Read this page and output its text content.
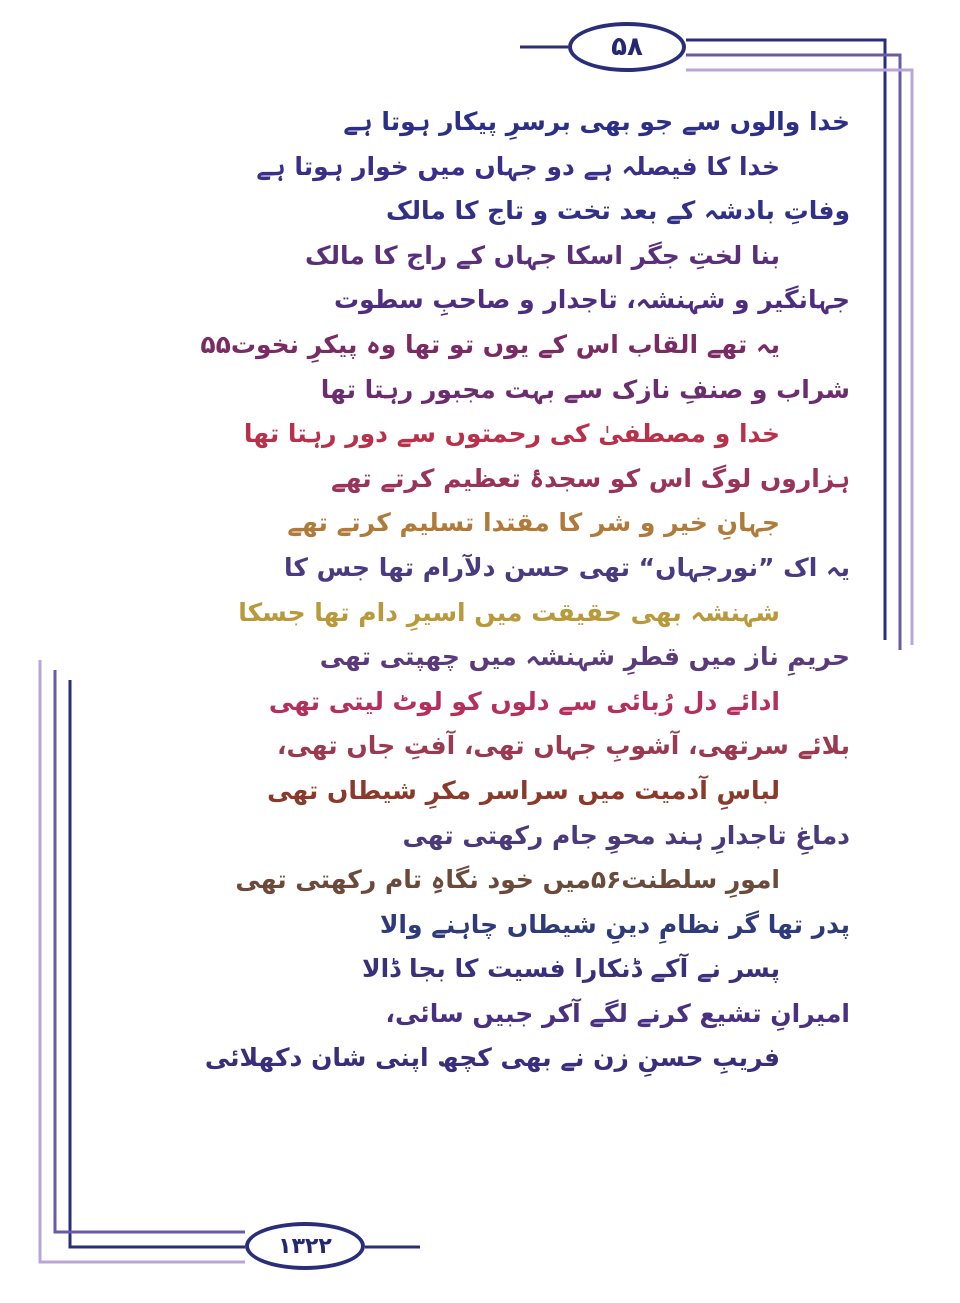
۵۸
خدا والوں سے جو بھی برسرِ پیکار ہوتا ہے
خدا کا فیصلہ ہے دو جہاں میں خوار ہوتا ہے
وفاتِ بادشہ کے بعد تخت و تاج کا مالک
بنا لختِ جگر اسکا جہاں کے راج کا مالک
جہانگیر و شہنشہ، تاجدار و صاحبِ سطوت
یہ تھے القاب اس کے یوں تو تھا وہ پیکرِ نخوت۵۵
شراب و صنفِ نازک سے بہت مجبور رہتا تھا
خدا و مصطفیٰ کی رحمتوں سے دور رہتا تھا
ہزاروں لوگ اس کو سجدۂ تعظیم کرتے تھے
جہانِ خیر و شر کا مقتدا تسلیم کرتے تھے
یہ اک ”نورجہاں“ تھی حسن دلآرام تھا جس کا
شہنشہ بھی حقیقت میں اسیرِ دام تھا جسکا
حریمِ ناز میں قطرِ شہنشہ میں چھپتی تھی
ادائے دل رُبائی سے دلوں کو لوٹ لیتی تھی
بلائے سرتھی، آشوبِ جہاں تھی، آفتِ جاں تھی،
لباسِ آدمیت میں سراسر مکرِ شیطاں تھی
دماغِ تاجدارِ ہند محوِ جام رکھتی تھی
امورِ سلطنت۵۶میں خود نگاہِ تام رکھتی تھی
پدر تھا گر نظامِ دینِ شیطاں چاہنے والا
پسر نے آکے ڈنکارا فسیت کا بجا ڈالا
امیرانِ تشیع کرنے لگے آکر جبیں سائی،
فریبِ حسنِ زن نے بھی کچھ اپنی شان دکھلائی
۱۳۲۲
